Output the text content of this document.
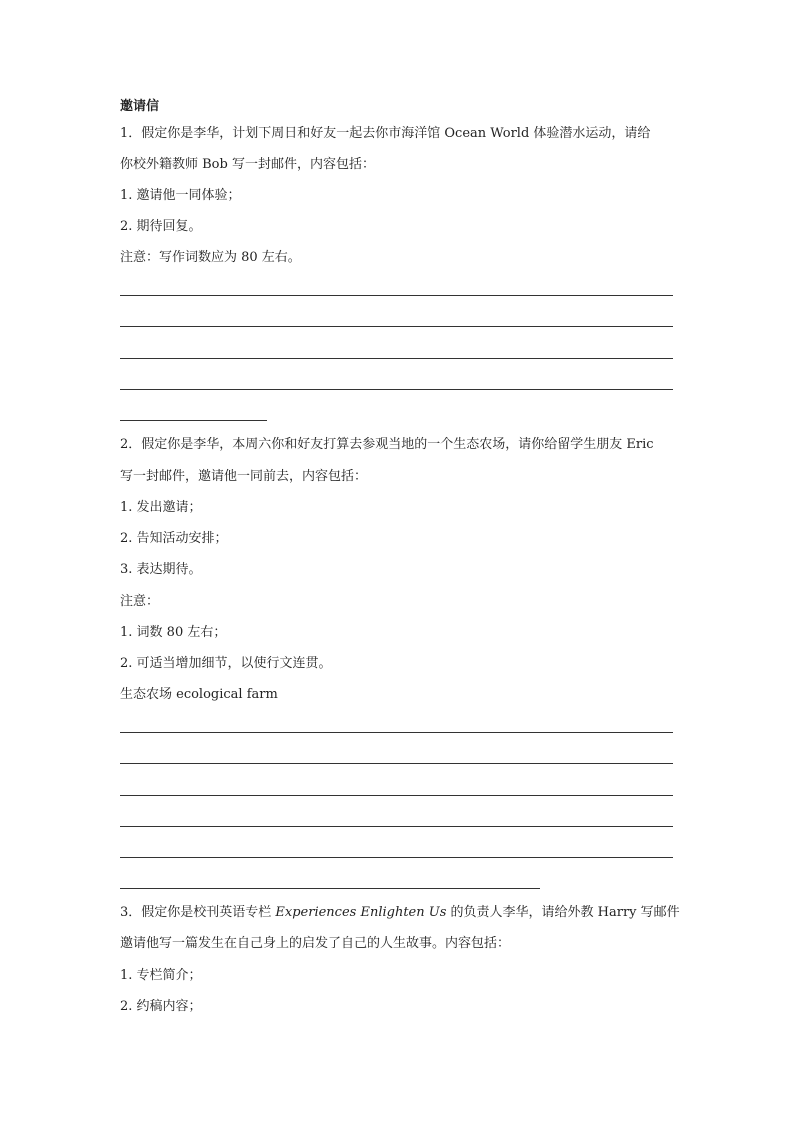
邀请信
1．假定你是李华，计划下周日和好友一起去你市海洋馆 Ocean World 体验潜水运动，请给
你校外籍教师 Bob 写一封邮件，内容包括：
1. 邀请他一同体验；
2. 期待回复。
注意：写作词数应为 80 左右。
2．假定你是李华，本周六你和好友打算去参观当地的一个生态农场，请你给留学生朋友 Eric
写一封邮件，邀请他一同前去，内容包括：
1. 发出邀请；
2. 告知活动安排；
3. 表达期待。
注意：
1. 词数 80 左右；
2. 可适当增加细节，以使行文连贯。
生态农场 ecological farm
3．假定你是校刊英语专栏 Experiences Enlighten Us 的负责人李华，请给外教 Harry 写邮件
邀请他写一篇发生在自己身上的启发了自己的人生故事。内容包括：
1. 专栏简介；
2. 约稿内容；
